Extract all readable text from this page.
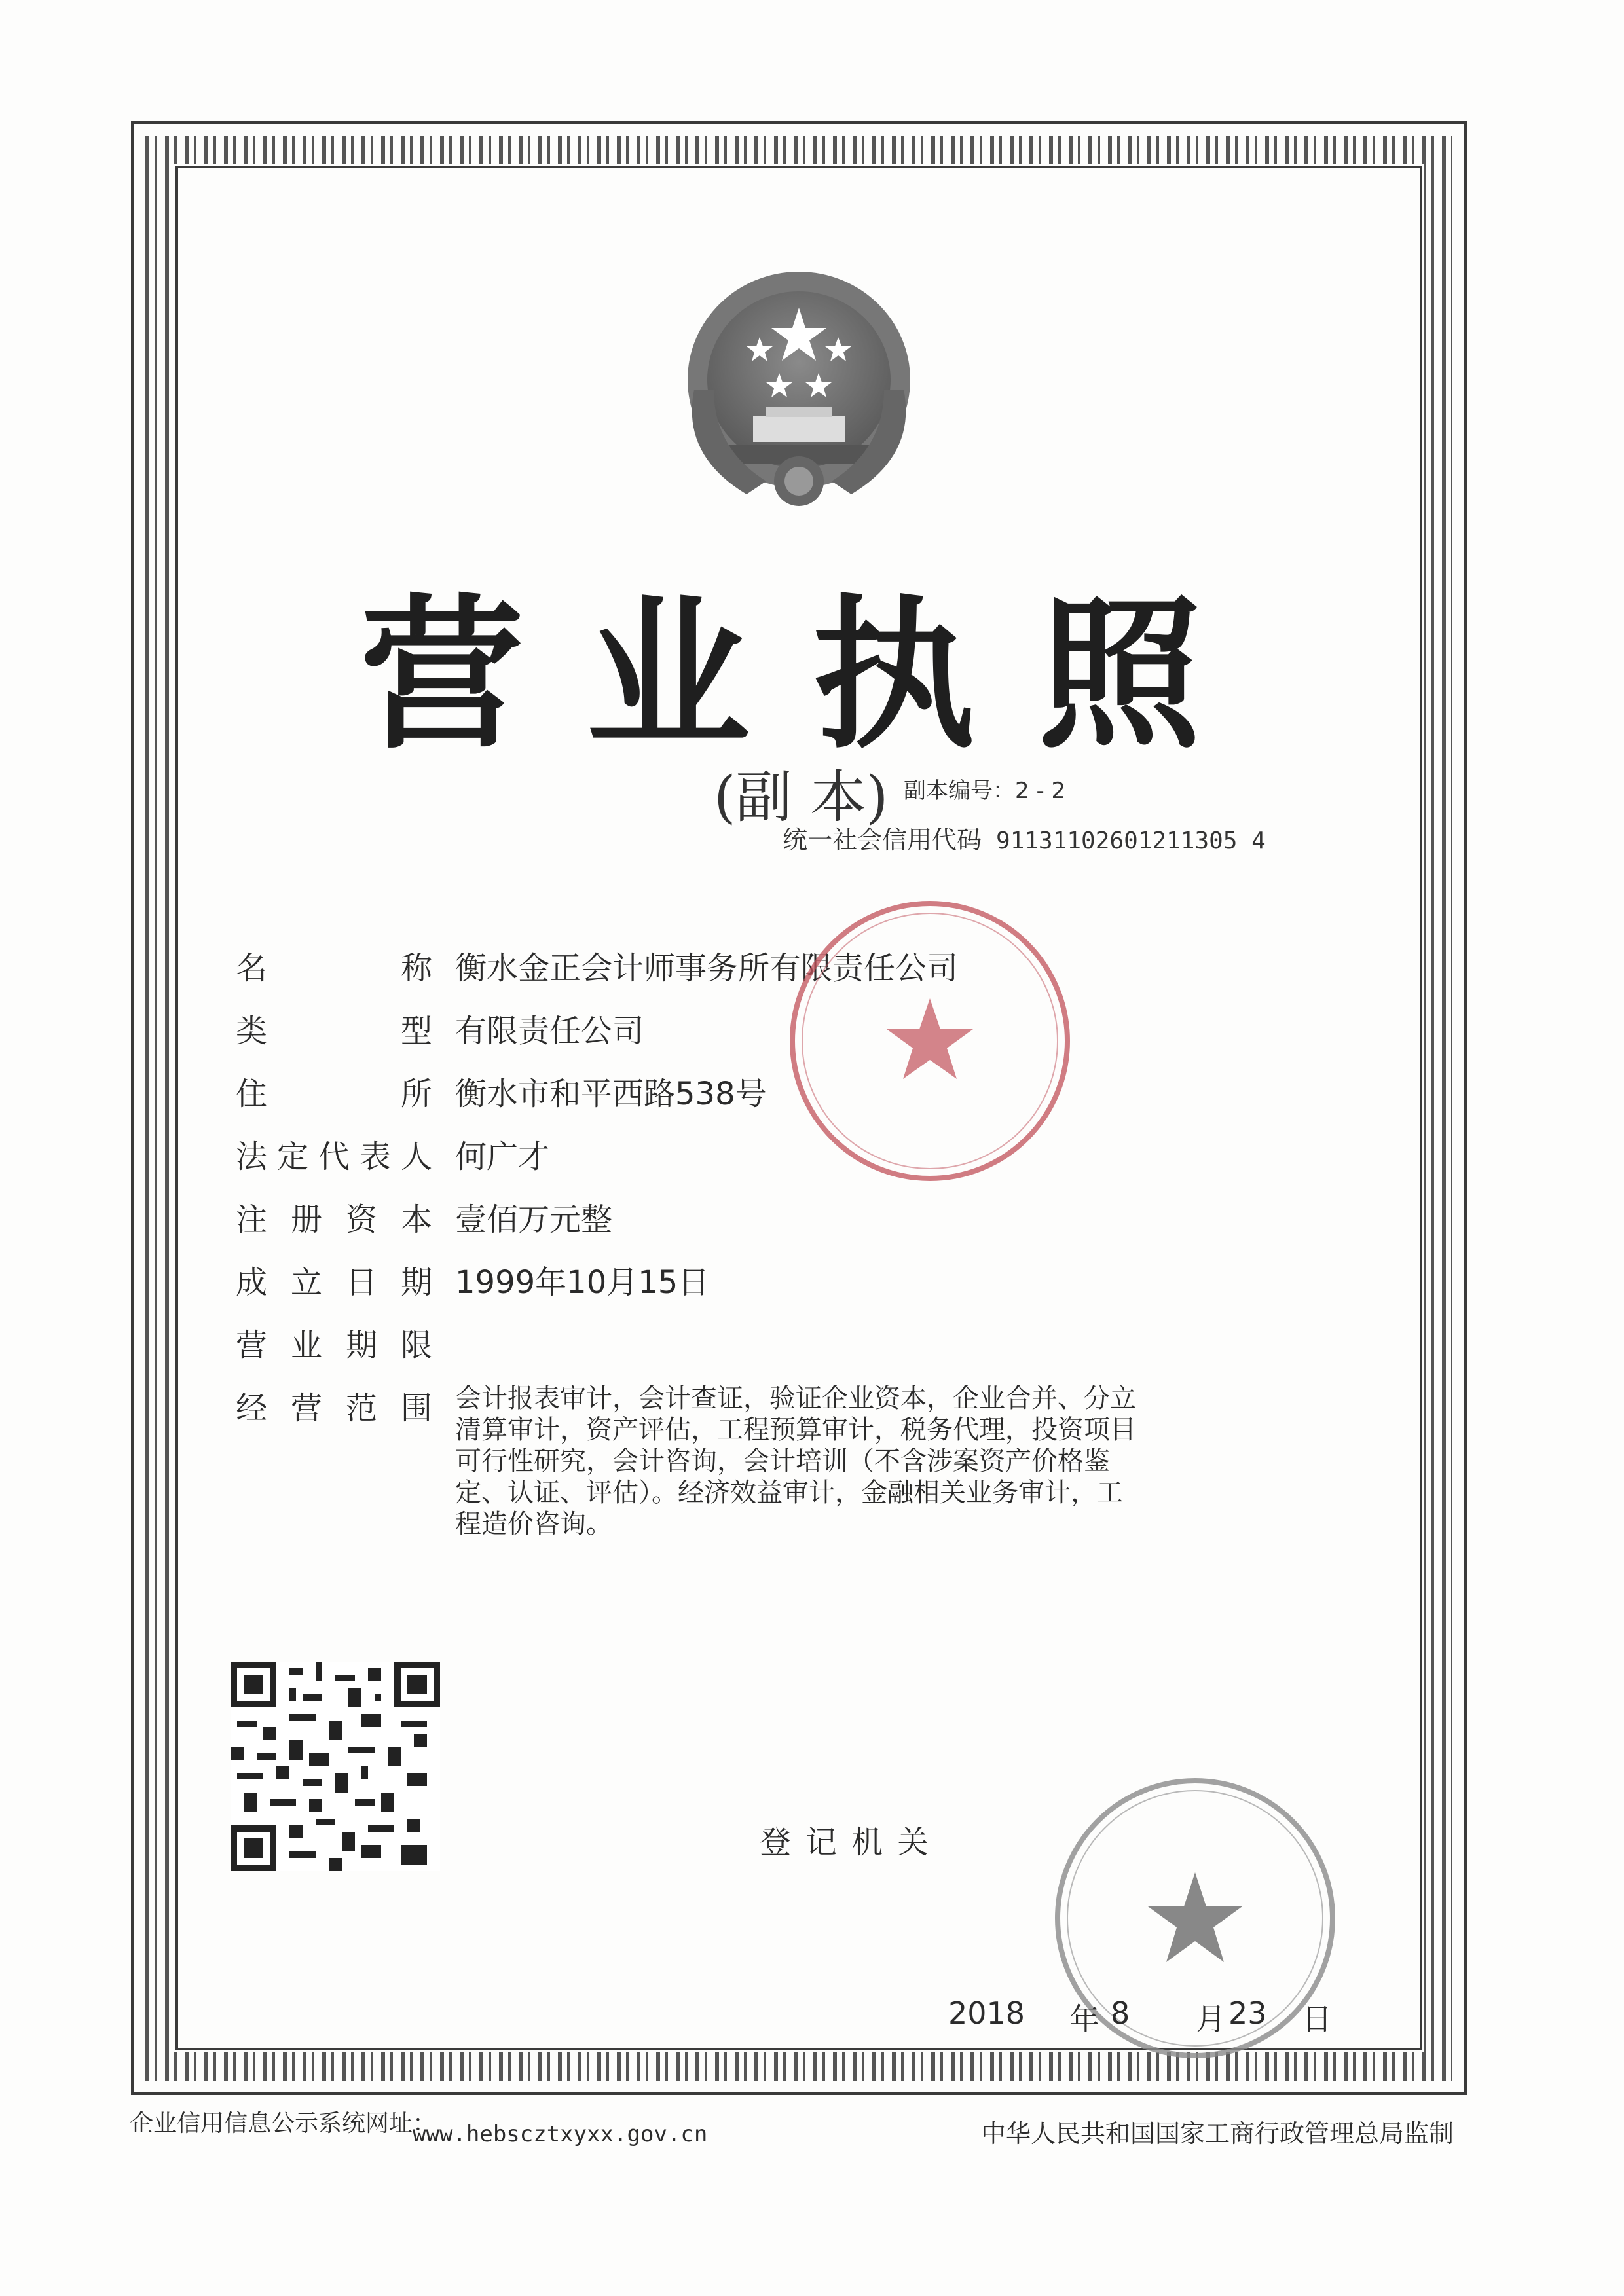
营业执照
(副 本) 副本编号：2 - 2
统一社会信用代码 91131102601211305 4
名称 衡水金正会计师事务所有限责任公司
类型 有限责任公司
住所 衡水市和平西路538号
法定代表人 何广才
注册资本 壹佰万元整
成立日期 1999年10月15日
营业期限
经营范围 会计报表审计，会计查证，验证企业资本，企业合并、分立
清算审计，资产评估，工程预算审计，税务代理，投资项目
可行性研究，会计咨询，会计培训（不含涉案资产价格鉴
定、认证、评估）。经济效益审计，金融相关业务审计，工
程造价咨询。
登记机关
2018 年 8 月 23 日
企业信用信息公示系统网址：
www.hebscztxyxx.gov.cn	中华人民共和国国家工商行政管理总局监制
